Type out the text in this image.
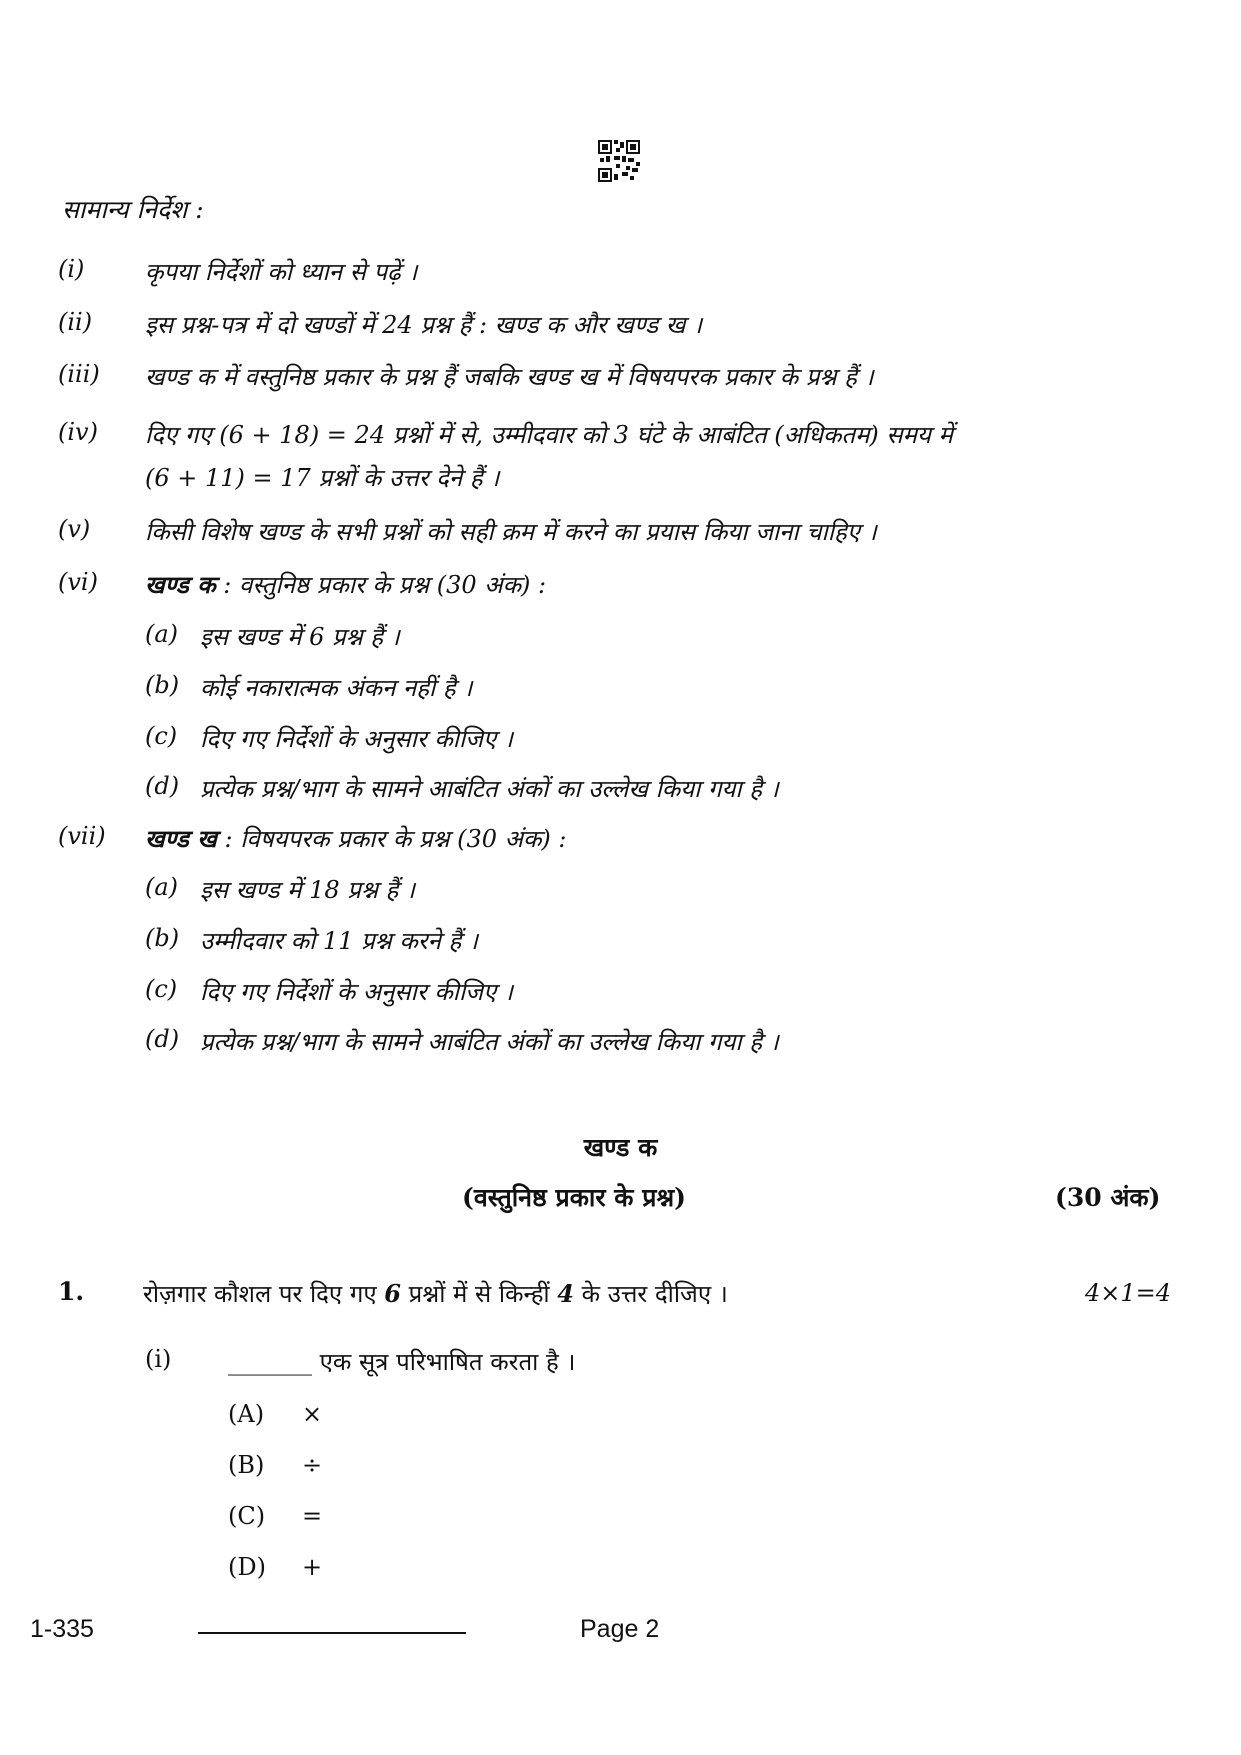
सामान्य निर्देश :
(i)	कृपया निर्देशों को ध्यान से पढ़ें ।
(ii) इस प्रश्न-पत्र में दो खण्डों में 24 प्रश्न हैं : खण्ड क और खण्ड ख ।
(iii) खण्ड क में वस्तुनिष्ठ प्रकार के प्रश्न हैं जबकि खण्ड ख में विषयपरक प्रकार के प्रश्न हैं ।
(iv) दिए गए (6 + 18) = 24 प्रश्नों में से, उम्मीदवार को 3 घंटे के आबंटित (अधिकतम) समय में
(6 + 11) = 17 प्रश्नों के उत्तर देने हैं ।
(v) किसी विशेष खण्ड के सभी प्रश्नों को सही क्रम में करने का प्रयास किया जाना चाहिए ।
(vi) खण्ड क : वस्तुनिष्ठ प्रकार के प्रश्न (30 अंक) :
(a) इस खण्ड में 6 प्रश्न हैं ।
(b) कोई नकारात्मक अंकन नहीं है ।
(c) दिए गए निर्देशों के अनुसार कीजिए ।
(d) प्रत्येक प्रश्न/भाग के सामने आबंटित अंकों का उल्लेख किया गया है ।
(vii) खण्ड ख : विषयपरक प्रकार के प्रश्न (30 अंक) :
(a) इस खण्ड में 18 प्रश्न हैं ।
(b) उम्मीदवार को 11 प्रश्न करने हैं ।
(c) दिए गए निर्देशों के अनुसार कीजिए ।
(d) प्रत्येक प्रश्न/भाग के सामने आबंटित अंकों का उल्लेख किया गया है ।
खण्ड क
(वस्तुनिष्ठ प्रकार के प्रश्न)	(30 अंक)
1. रोज़गार कौशल पर दिए गए 6 प्रश्नों में से किन्हीं 4 के उत्तर दीजिए ।	4×1=4
(i) _______ एक सूत्र परिभाषित करता है ।
(A) ×
(B) ÷
(C) =
(D) +
1-335	Page 2
